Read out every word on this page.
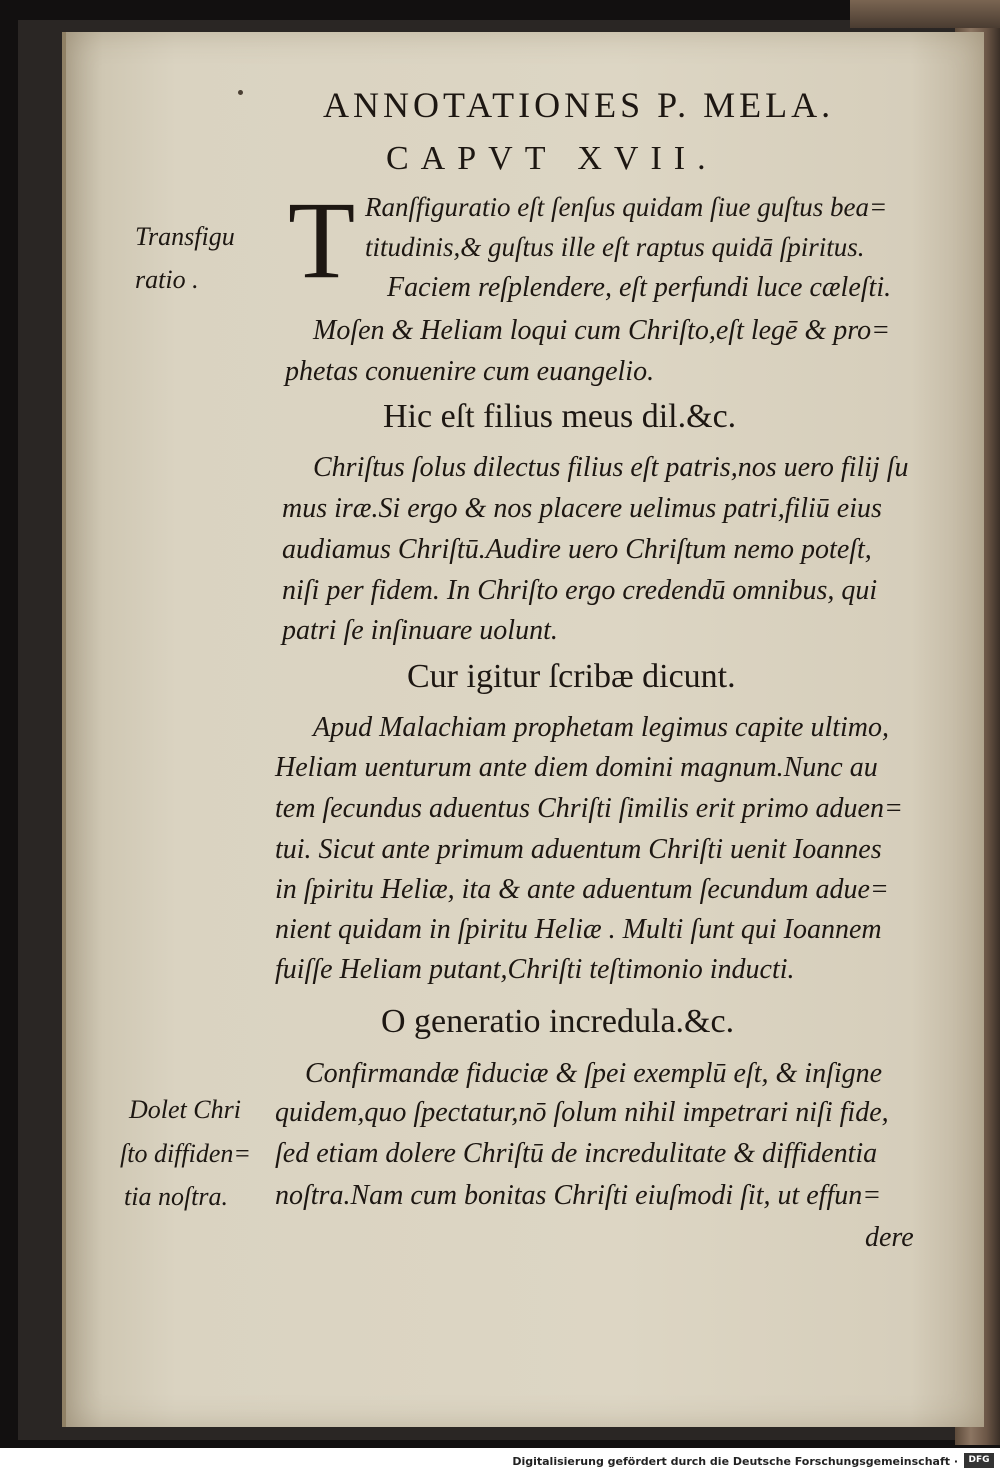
ANNOTATIONES P. MELA.
CAPVT XVII.
T
Transfigu
ratio .
Dolet Chri
ſto diffiden=
tia noſtra.
Ranſfiguratio eſt ſenſus quidam ſiue guſtus bea=
titudinis,& guſtus ille eſt raptus quidā ſpiritus.
Faciem reſplendere, eſt perfundi luce cæleſti.
Moſen & Heliam loqui cum Chriſto,eſt legē & pro=
phetas conuenire cum euangelio.
Hic eſt filius meus dil.&c.
Chriſtus ſolus dilectus filius eſt patris,nos uero filij ſu
mus iræ.Si ergo & nos placere uelimus patri,filiū eius
audiamus Chriſtū.Audire uero Chriſtum nemo poteſt,
niſi per fidem. In Chriſto ergo credendū omnibus, qui
patri ſe inſinuare uolunt.
Cur igitur ſcribæ dicunt.
Apud Malachiam prophetam legimus capite ultimo,
Heliam uenturum ante diem domini magnum.Nunc au
tem ſecundus aduentus Chriſti ſimilis erit primo aduen=
tui. Sicut ante primum aduentum Chriſti uenit Ioannes
in ſpiritu Heliæ, ita & ante aduentum ſecundum adue=
nient quidam in ſpiritu Heliæ . Multi ſunt qui Ioannem
fuiſſe Heliam putant,Chriſti teſtimonio inducti.
O generatio incredula.&c.
Confirmandæ fiduciæ & ſpei exemplū eſt, & inſigne
quidem,quo ſpectatur,nō ſolum nihil impetrari niſi fide,
ſed etiam dolere Chriſtū de incredulitate & diffidentia
noſtra.Nam cum bonitas Chriſti eiuſmodi ſit, ut effun=
dere
Digitalisierung gefördert durch die Deutsche Forschungsgemeinschaft ·	DFG
